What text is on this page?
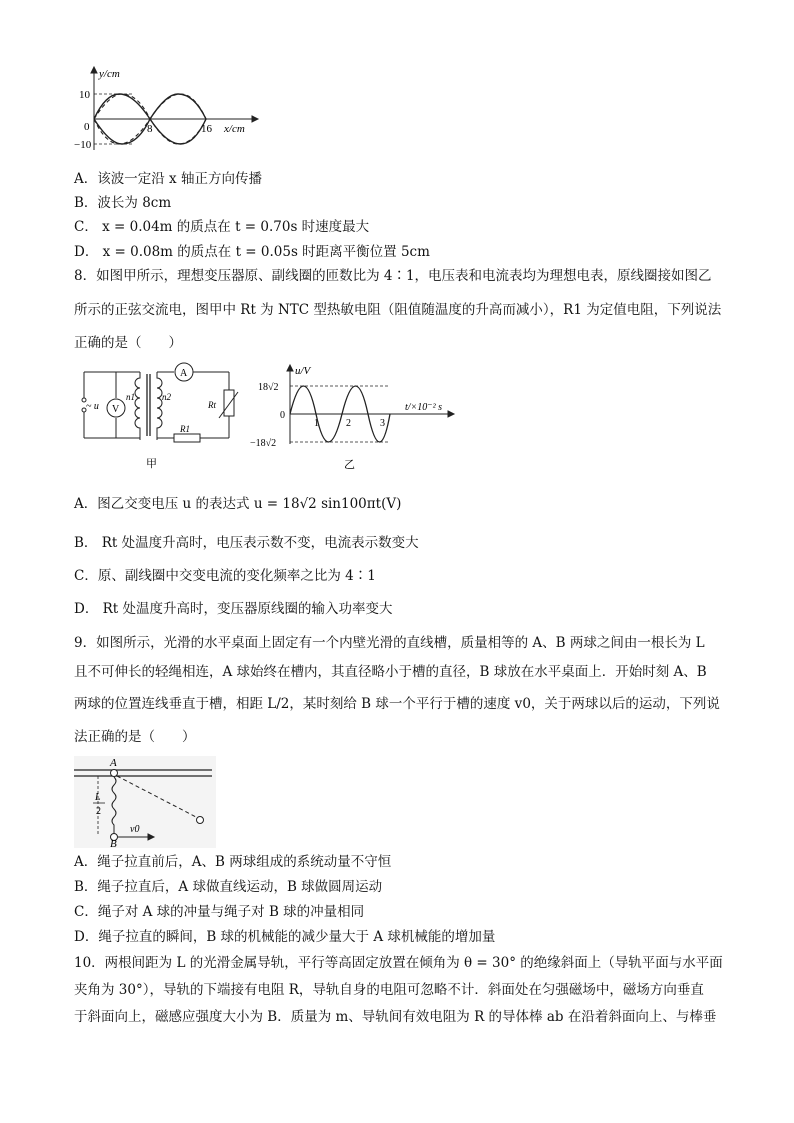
y/cm
x/cm
10
−10
0	8	16
A．该波一定沿 x 轴正方向传播
B．波长为 8cm
C． x = 0.04m 的质点在 t = 0.70s 时速度最大
D． x = 0.08m 的质点在 t = 0.05s 时距离平衡位置 5cm
8．如图甲所示，理想变压器原、副线圈的匝数比为 4∶1，电压表和电流表均为理想电表，原线圈接如图乙
所示的正弦交流电，图甲中 Rt 为 NTC 型热敏电阻（阻值随温度的升高而减小），R1 为定值电阻，下列说法
正确的是（　　）
V
A
~ u
n1	n2
Rt
R1
甲
u/V
t/×10⁻² s
18√2
−18√2
0
1	2	3
乙
A．图乙交变电压 u 的表达式 u = 18√2 sin100πt(V)
B． Rt 处温度升高时，电压表示数不变，电流表示数变大
C．原、副线圈中交变电流的变化频率之比为 4∶1
D． Rt 处温度升高时，变压器原线圈的输入功率变大
9．如图所示，光滑的水平桌面上固定有一个内壁光滑的直线槽，质量相等的 A、B 两球之间由一根长为 L
且不可伸长的轻绳相连，A 球始终在槽内，其直径略小于槽的直径，B 球放在水平桌面上．开始时刻 A、B
两球的位置连线垂直于槽，相距 L/2，某时刻给 B 球一个平行于槽的速度 v0，关于两球以后的运动，下列说
法正确的是（　　）
A
L
2
B
v0
A．绳子拉直前后，A、B 两球组成的系统动量不守恒
B．绳子拉直后，A 球做直线运动，B 球做圆周运动
C．绳子对 A 球的冲量与绳子对 B 球的冲量相同
D．绳子拉直的瞬间，B 球的机械能的减少量大于 A 球机械能的增加量
10．两根间距为 L 的光滑金属导轨，平行等高固定放置在倾角为 θ = 30° 的绝缘斜面上（导轨平面与水平面
夹角为 30°），导轨的下端接有电阻 R，导轨自身的电阻可忽略不计．斜面处在匀强磁场中，磁场方向垂直
于斜面向上，磁感应强度大小为 B．质量为 m、导轨间有效电阻为 R 的导体棒 ab 在沿着斜面向上、与棒垂
